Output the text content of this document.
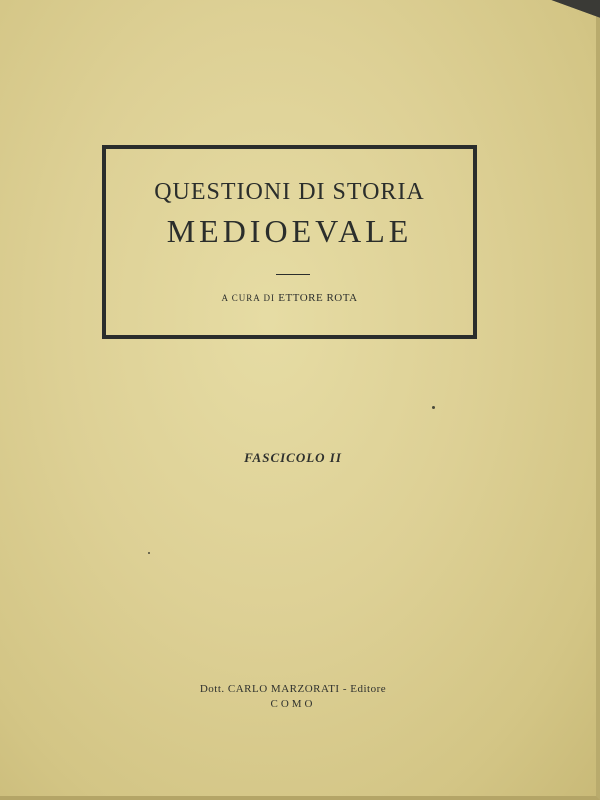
QUESTIONI DI STORIA
MEDIOEVALE
A CURA DI ETTORE ROTA
FASCICOLO II
Dott. CARLO MARZORATI - Editore
COMO
